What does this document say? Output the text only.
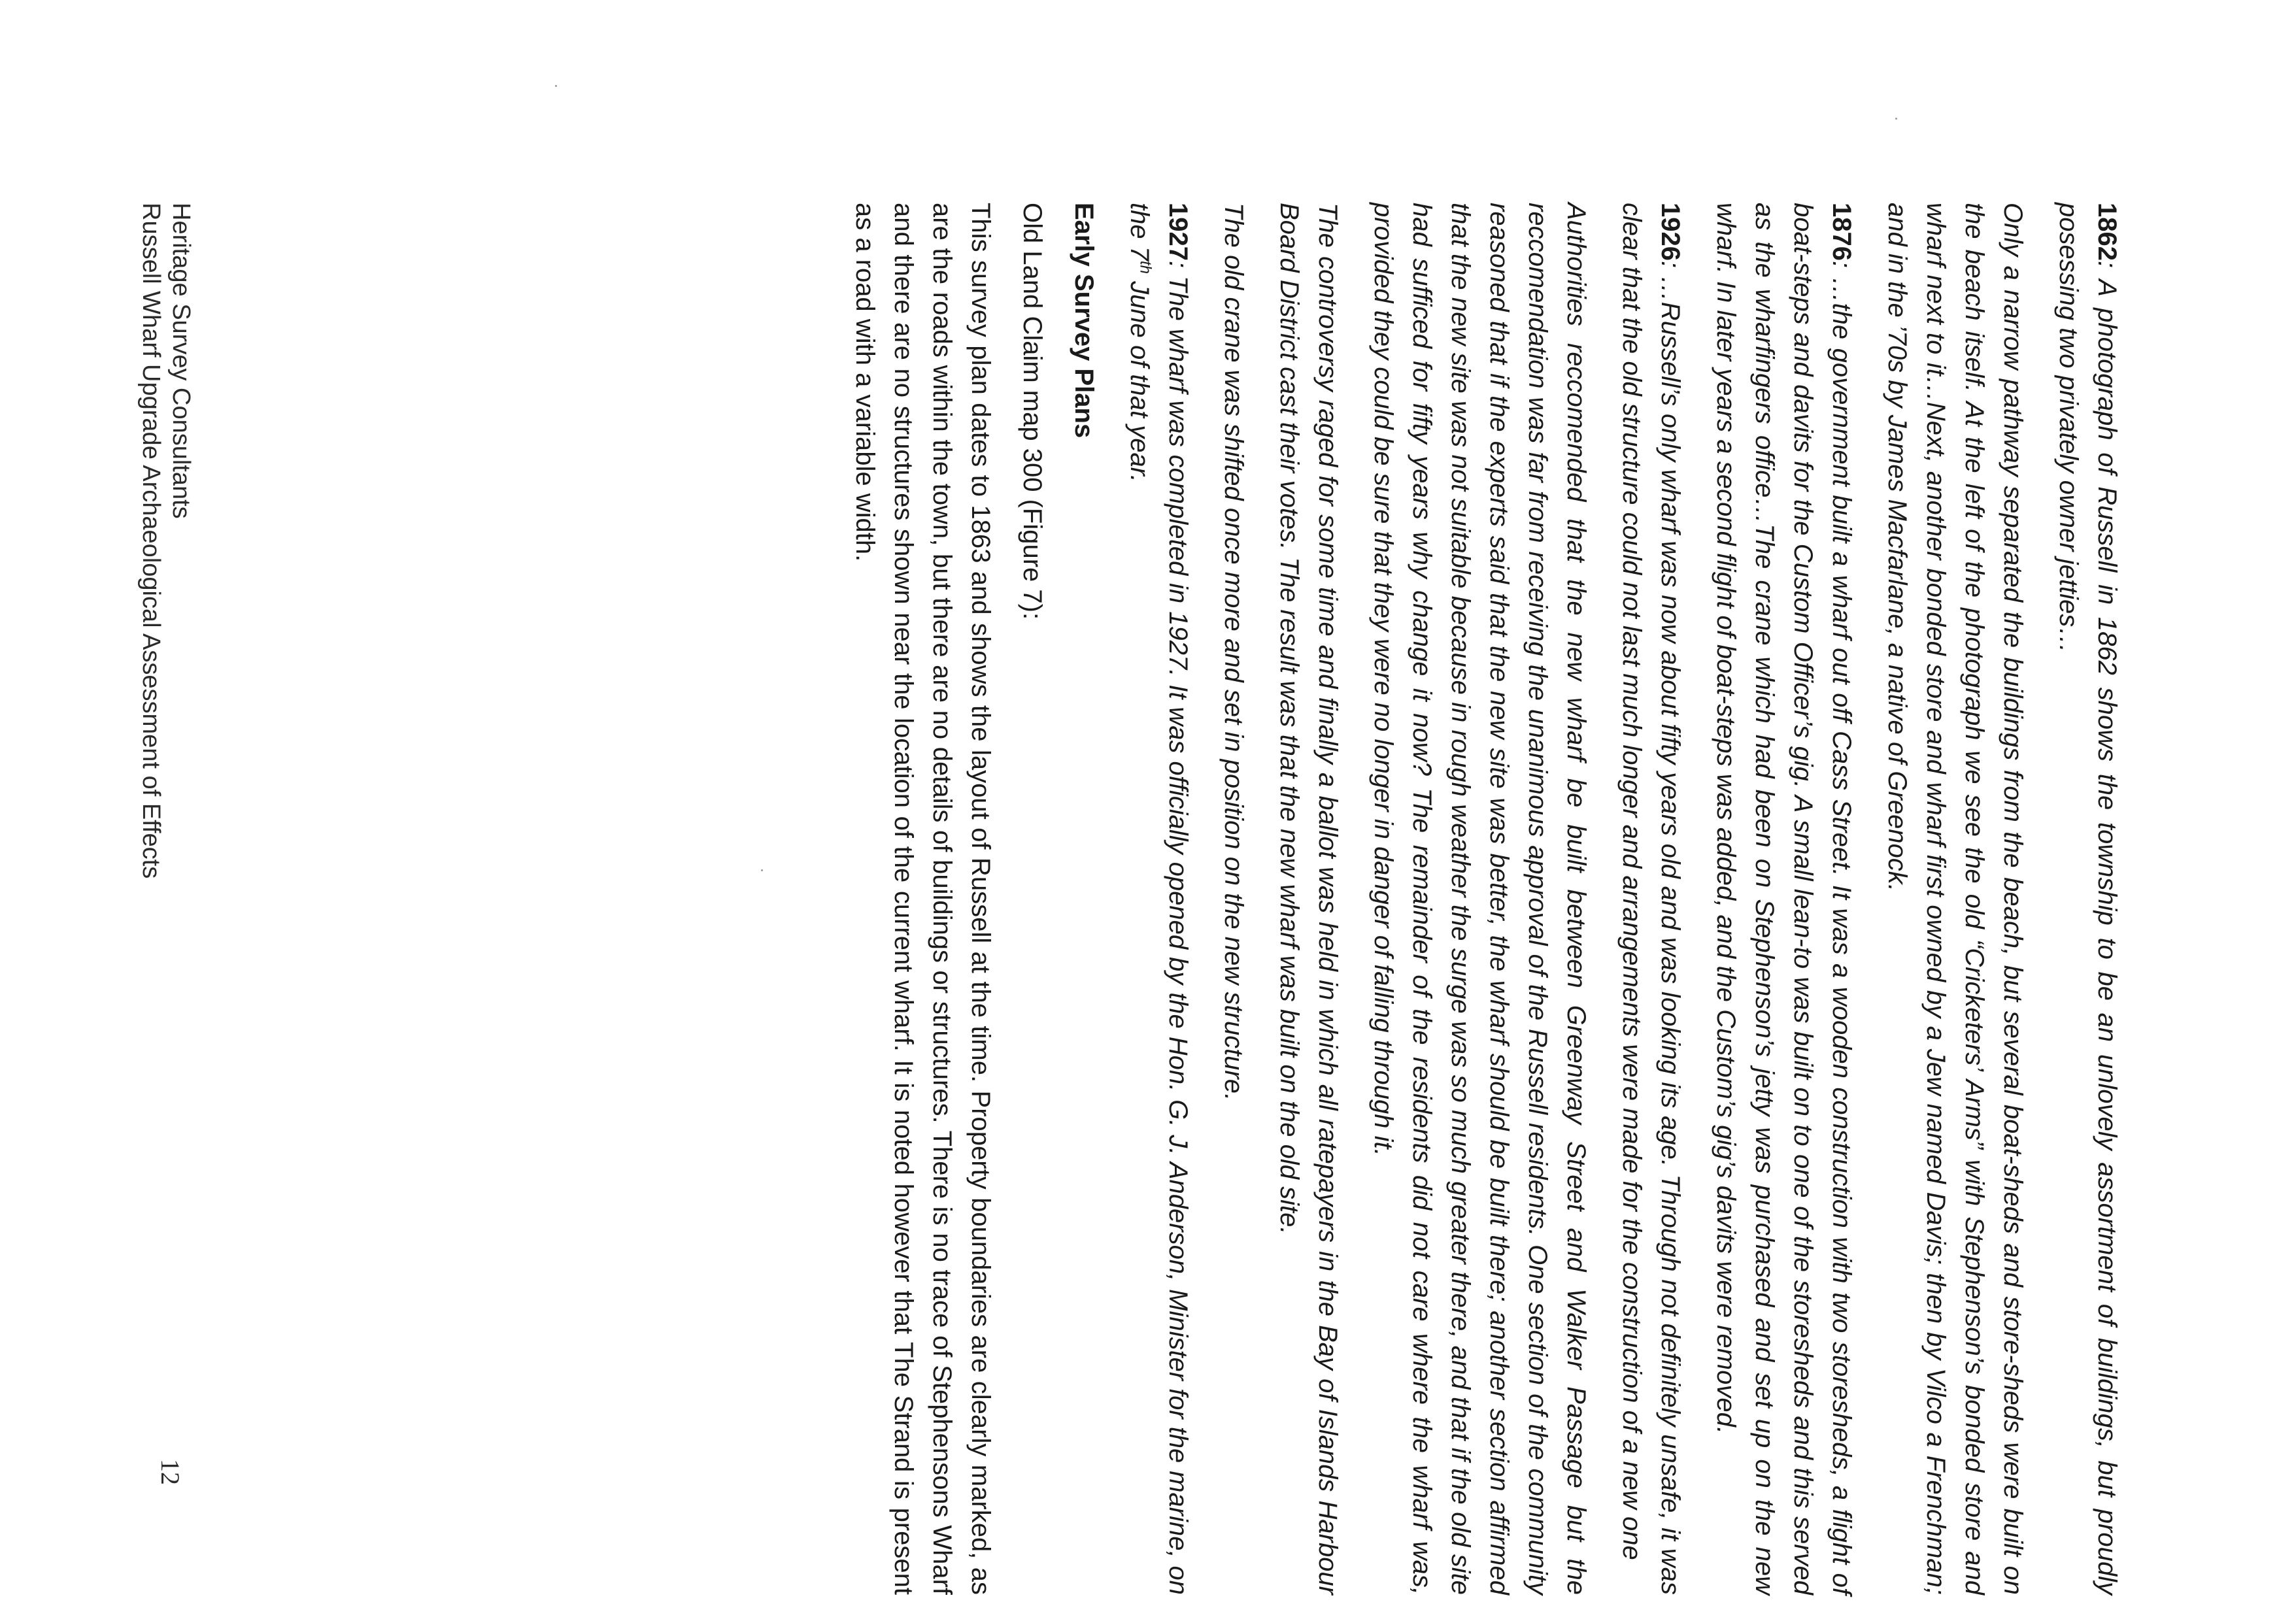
1862: A photograph of Russell in 1862 shows the township to be an unlovely assortment of buildings, but proudly posessing two privately owner jetties…

Only a narrow pathway separated the buildings from the beach, but several boat-sheds and store-sheds were built on the beach itself. At the left of the photograph we see the old “Cricketers’ Arms” with Stephenson’s bonded store and wharf next to it…Next, another bonded store and wharf first owned by a Jew named Davis; then by Vilco a Frenchman; and in the ’70s by James Macfarlane, a native of Greenock.

1876: …the government built a wharf out off Cass Street. It was a wooden construction with two storesheds, a flight of boat-steps and davits for the Custom Officer’s gig. A small lean-to was built on to one of the storesheds and this served as the wharfingers office…The crane which had been on Stephenson’s jetty was purchased and set up on the new wharf. In later years a second flight of boat-steps was added, and the Custom’s gig’s davits were removed.

1926: …Russell’s only wharf was now about fifty years old and was looking its age. Through not definitely unsafe, it was clear that the old structure could not last much longer and arrangements were made for the construction of a new one

Authorities reccomended that the new wharf be built between Greenway Street and Walker Passage but the reccomendation was far from receiving the unanimous approval of the Russell residents. One section of the community reasoned that if the experts said that the new site was better, the wharf should be built there; another section affirmed that the new site was not suitable because in rough weather the surge was so much greater there, and that if the old site had sufficed for fifty years why change it now? The remainder of the residents did not care where the wharf was, provided they could be sure that they were no longer in danger of falling through it.

The controversy raged for some time and finally a ballot was held in which all ratepayers in the Bay of Islands Harbour Board District cast their votes. The result was that the new wharf was built on the old site.

The old crane was shifted once more and set in position on the new structure.

1927: The wharf was completed in 1927. It was officially opened by the Hon. G. J. Anderson, Minister for the marine, on the 7th June of that year.

Early Survey Plans

Old Land Claim map 300 (Figure 7):

This survey plan dates to 1863 and shows the layout of Russell at the time. Property boundaries are clearly marked, as are the roads within the town, but there are no details of buildings or structures. There is no trace of Stephensons Wharf and there are no structures shown near the location of the current wharf. It is noted however that The Strand is present as a road with a variable width.

Heritage Survey Consultants
Russell Wharf Upgrade Archaeological Assessment of Effects
12
